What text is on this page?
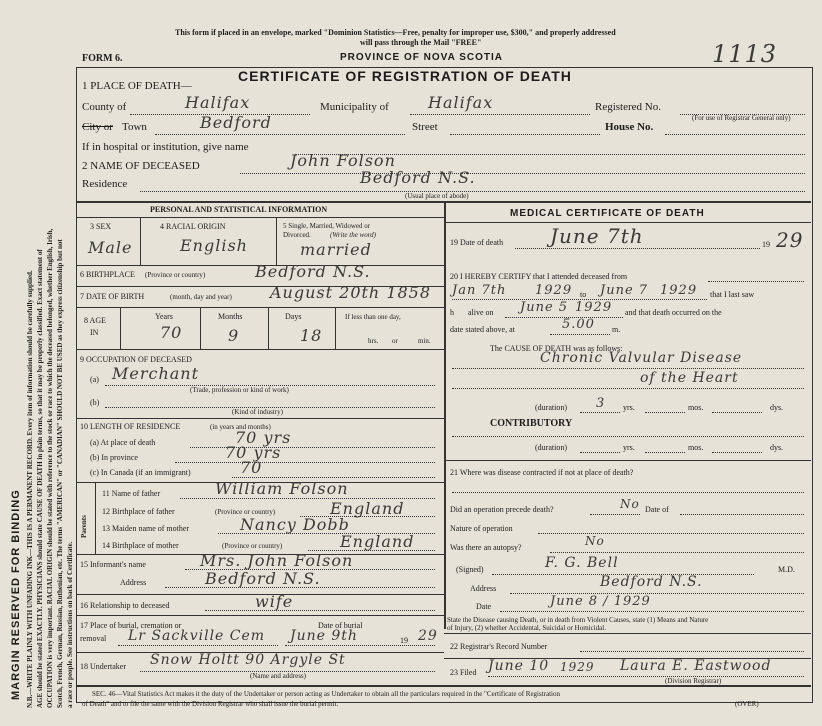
MARGIN RESERVED FOR BINDING N.B.—WRITE PLAINLY WITH UNFADING INK—THIS IS A PERMANENT RECORD. Every item of information should be carefully supplied. AGE should be stated EXACTLY. PHYSICIANS should state CAUSE OF DEATH in plain terms, so that it may be properly classified. Exact statement of OCCUPATION is very important. RACIAL ORIGIN should be stated with reference to the stock or race to which the deceased belonged, whether English, Irish, Scotch, French, German, Russian, Ruthenian, etc. The terms "AMERICAN" or "CANADIAN" SHOULD NOT BE USED as they express citizenship but not a race or people. See instructions on back of Certificate.
This form if placed in an envelope, marked "Dominion Statistics—Free, penalty for improper use, $300," and properly addressed
will pass through the Mail "FREE"
PROVINCE OF NOVA SCOTIA
FORM 6.
CERTIFICATE OF REGISTRATION OF DEATH
1113
1 PLACE OF DEATH—
County of	Halifax	Municipality of Halifax	Registered No.
(For use of Registrar General only)
City or Town	Bedford	Street	House No.
If in hospital or institution, give name
2 NAME OF DECEASED	John Folson
Residence	Bedford N.S.
(Usual place of abode)
PERSONAL AND STATISTICAL INFORMATION
3 SEX	4 RACIAL ORIGIN	5 Single, Married, Widowed or
Divorced.	(Write the word)
Male	English	married
6 BIRTHPLACE (Province or country)	Bedford N.S.
7 DATE OF BIRTH	(month, day and year) August 20th 1858
8 AGE
IN
Years	Months	Days	If less than one day,
70	9	18	hrs. or	min.
9 OCCUPATION OF DECEASED
(a) Merchant
(Trade, profession or kind of work)
(b)
(Kind of industry)
10 LENGTH OF RESIDENCE	(in years and months)
(a) At place of death	70 yrs
(b) In province	70 yrs
(c) In Canada (if an immigrant)	70
Parents
11 Name of father	William Folson
12 Birthplace of father	(Province or country)	England
13 Maiden name of mother	Nancy Dobb
14 Birthplace of mother	(Province or country)	England
15 Informant's name	Mrs. John Folson
Address	Bedford N.S.
16 Relationship to deceased	wife
17 Place of burial, cremation or
removal
Date of burial
Lr Sackville Cem June 9th	19 29
18 Undertaker Snow Holtt 90 Argyle St
(Name and address)
MEDICAL CERTIFICATE OF DEATH
19 Date of death June 7th	19 29
20 I HEREBY CERTIFY that I attended deceased from
Jan 7th 1929 to June 7 1929 that I last saw
h alive on June 5 1929 and that death occurred on the
date stated above, at	5.00 m.
The CAUSE OF DEATH was as follows:
Chronic Valvular Disease
of the Heart
(duration) 3 yrs.	mos.	dys.
CONTRIBUTORY
(duration)	yrs.	mos.	dys.
21 Where was disease contracted if not at place of death?
Did an operation precede death?	No Date of
Nature of operation
Was there an autopsy?	No
(Signed)	F. G. Bell	M.D.
Address	Bedford N.S.
Date	June 8 / 1929
State the Disease causing Death, or in death from Violent Causes, state (1) Means and Nature
of Injury, (2) whether Accidental, Suicidal or Homicidal.
22 Registrar's Record Number
23 Filed June 10 1929 Laura E. Eastwood
(Division Registrar)
SEC. 46—Vital Statistics Act makes it the duty of the Undertaker or person acting as Undertaker to obtain all the particulars required in the "Certificate of Registration
of Death" and to file the same with the Division Registrar who shall issue the burial permit.	(OVER)
